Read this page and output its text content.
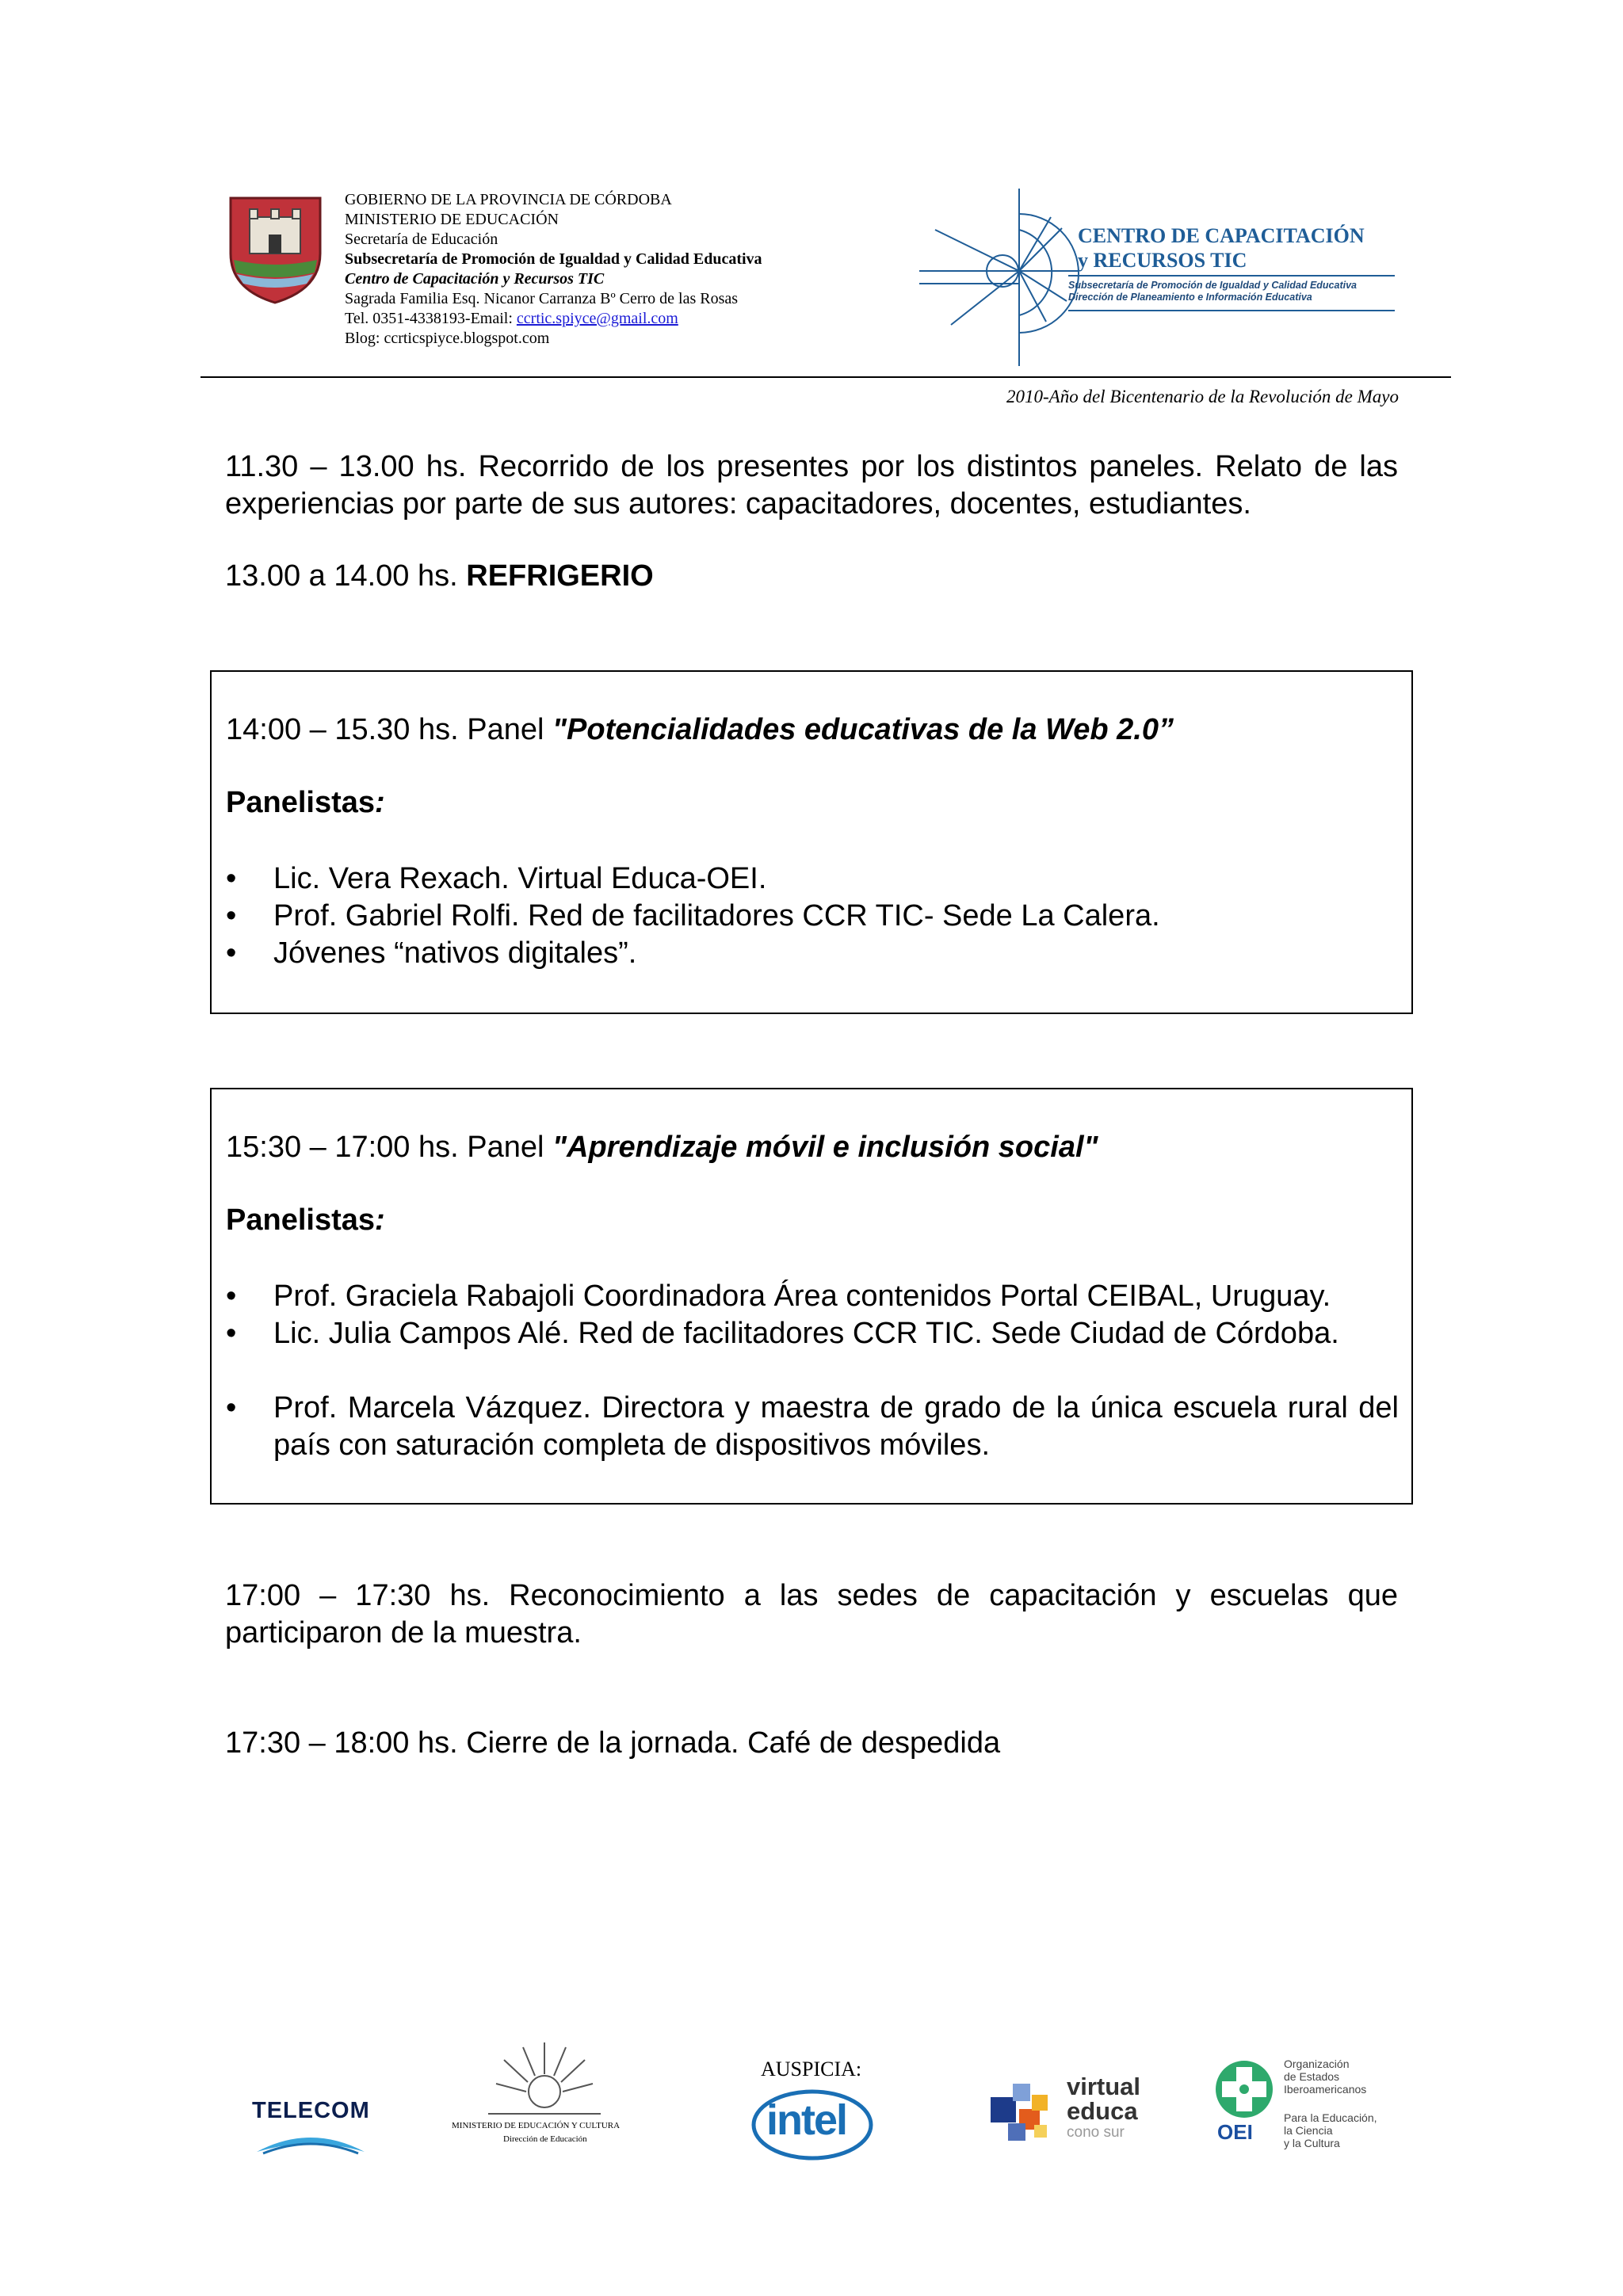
GOBIERNO DE LA PROVINCIA DE CÓRDOBA
MINISTERIO DE EDUCACIÓN
Secretaría de Educación
Subsecretaría de Promoción de Igualdad y Calidad Educativa
Centro de Capacitación y Recursos TIC
Sagrada Familia Esq. Nicanor Carranza Bº Cerro de las Rosas
Tel. 0351-4338193-Email: ccrtic.spiyce@gmail.com
Blog: ccrticspiyce.blogspot.com
CENTRO DE CAPACITACIÓN
y RECURSOS TIC
Subsecretaría de Promoción de Igualdad y Calidad Educativa
Dirección de Planeamiento e Información Educativa
2010-Año del Bicentenario de la Revolución de Mayo
11.30 – 13.00 hs. Recorrido de los presentes por los distintos paneles. Relato de las experiencias por parte de sus autores: capacitadores, docentes, estudiantes.
13.00 a 14.00 hs. REFRIGERIO
14:00 – 15.30 hs. Panel "Potencialidades educativas de la Web 2.0”
Panelistas:
• Lic. Vera Rexach. Virtual Educa-OEI.
• Prof. Gabriel Rolfi. Red de facilitadores CCR TIC- Sede La Calera.
• Jóvenes “nativos digitales”.
15:30 – 17:00 hs. Panel "Aprendizaje móvil e inclusión social"
Panelistas:
• Prof. Graciela Rabajoli Coordinadora Área contenidos Portal CEIBAL, Uruguay.
• Lic. Julia Campos Alé. Red de facilitadores CCR TIC. Sede Ciudad de Córdoba.
• Prof. Marcela Vázquez. Directora y maestra de grado de la única escuela rural del país con saturación completa de dispositivos móviles.
17:00 – 17:30 hs. Reconocimiento a las sedes de capacitación y escuelas que participaron de la muestra.
17:30 – 18:00 hs. Cierre de la jornada. Café de despedida
AUSPICIA:
TELECOM
MINISTERIO DE EDUCACIÓN Y CULTURA
Dirección de Educación	intel
virtual
educa
cono sur	OEI
Organización
de Estados
Iberoamericanos
Para la Educación,
la Ciencia
y la Cultura
